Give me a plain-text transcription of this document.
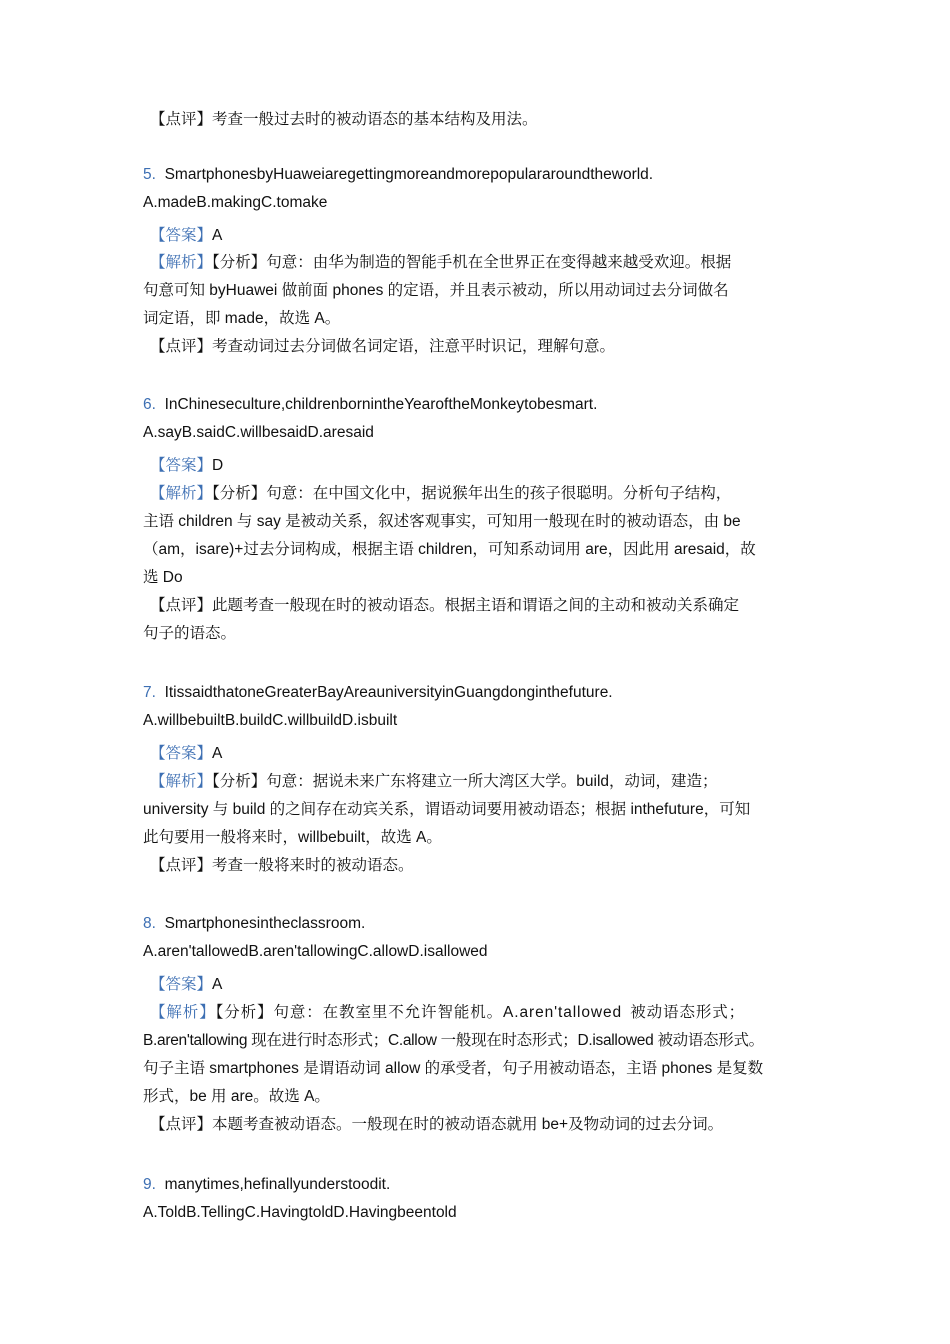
【点评】考查一般过去时的被动语态的基本结构及用法。
5. SmartphonesbyHuaweiaregettingmoreandmorepopulararoundtheworld.
A.madeB.makingC.tomake
【答案】A
【解析】【分析】句意：由华为制造的智能手机在全世界正在变得越来越受欢迎。根据
句意可知 byHuawei 做前面 phones 的定语，并且表示被动，所以用动词过去分词做名
词定语，即 made，故选 A。
【点评】考查动词过去分词做名词定语，注意平时识记，理解句意。
6. InChineseculture,childrenbornintheYearoftheMonkeytobesmart.
A.sayB.saidC.willbesaidD.aresaid
【答案】D
【解析】【分析】句意：在中国文化中，据说猴年出生的孩子很聪明。分析句子结构，
主语 children 与 say 是被动关系，叙述客观事实，可知用一般现在时的被动语态，由 be
（am，isare)+过去分词构成，根据主语 children，可知系动词用 are，因此用 aresaid，故
选 Do
【点评】此题考查一般现在时的被动语态。根据主语和谓语之间的主动和被动关系确定
句子的语态。
7. ItissaidthatoneGreaterBayAreauniversityinGuangdonginthefuture.
A.willbebuiltB.buildC.willbuildD.isbuilt
【答案】A
【解析】【分析】句意：据说未来广东将建立一所大湾区大学。build，动词，建造；
university 与 build 的之间存在动宾关系，谓语动词要用被动语态；根据 inthefuture，可知
此句要用一般将来时，willbebuilt，故选 A。
【点评】考查一般将来时的被动语态。
8. Smartphonesintheclassroom.
A.aren'tallowedB.aren'tallowingC.allowD.isallowed
【答案】A
【解析】【分析】句意：在教室里不允许智能机。A.aren'tallowed 被动语态形式；
B.aren'tallowing 现在进行时态形式；C.allow 一般现在时态形式；D.isallowed 被动语态形式。
句子主语 smartphones 是谓语动词 allow 的承受者，句子用被动语态，主语 phones 是复数
形式，be 用 are。故选 A。
【点评】本题考查被动语态。一般现在时的被动语态就用 be+及物动词的过去分词。
9. manytimes,hefinallyunderstoodit.
A.ToldB.TellingC.HavingtoldD.Havingbeentold
